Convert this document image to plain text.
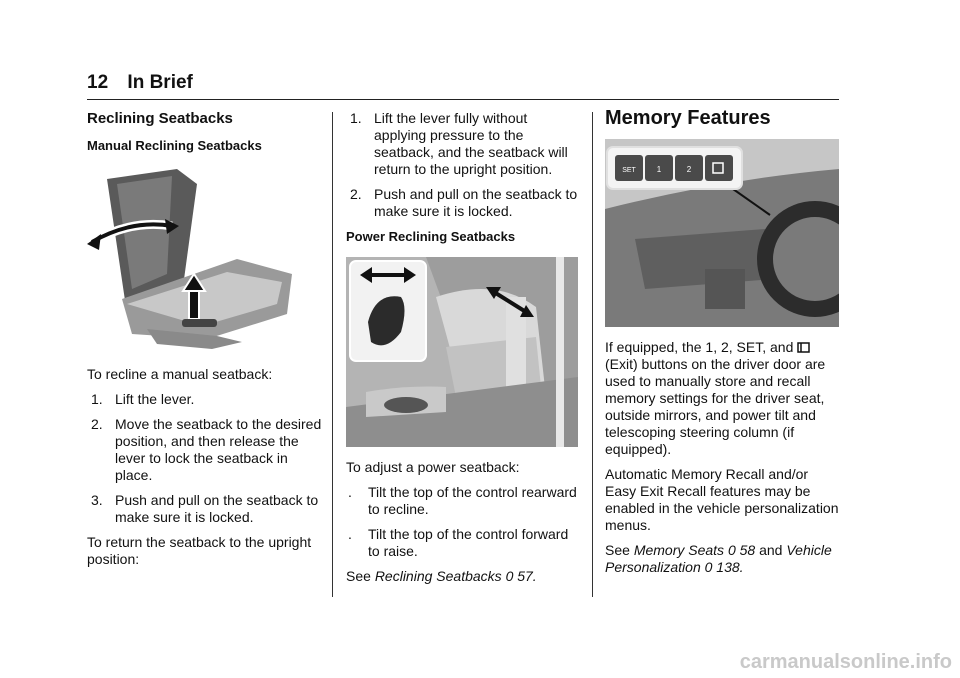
12 In Brief
Reclining Seatbacks
Manual Reclining Seatbacks

To recline a manual seatback:

1. Lift the lever.
2. Move the seatback to the desired position, and then release the lever to lock the seatback in place.
3. Push and pull on the seatback to make sure it is locked.

To return the seatback to the upright position:

1. Lift the lever fully without applying pressure to the seatback, and the seatback will return to the upright position.
2. Push and pull on the seatback to make sure it is locked.
Power Reclining Seatbacks

To adjust a power seatback:

. Tilt the top of the control rearward to recline.
. Tilt the top of the control forward to raise.

See Reclining Seatbacks 0 57.

Memory Features
SET	1	2

If equipped, the 1, 2, SET, and  (Exit) buttons on the driver door are used to manually store and recall memory settings for the driver seat, outside mirrors, and power tilt and telescoping steering column (if equipped).

Automatic Memory Recall and/or Easy Exit Recall features may be enabled in the vehicle personalization menus.

See Memory Seats 0 58 and Vehicle Personalization 0 138.

carmanualsonline.info
